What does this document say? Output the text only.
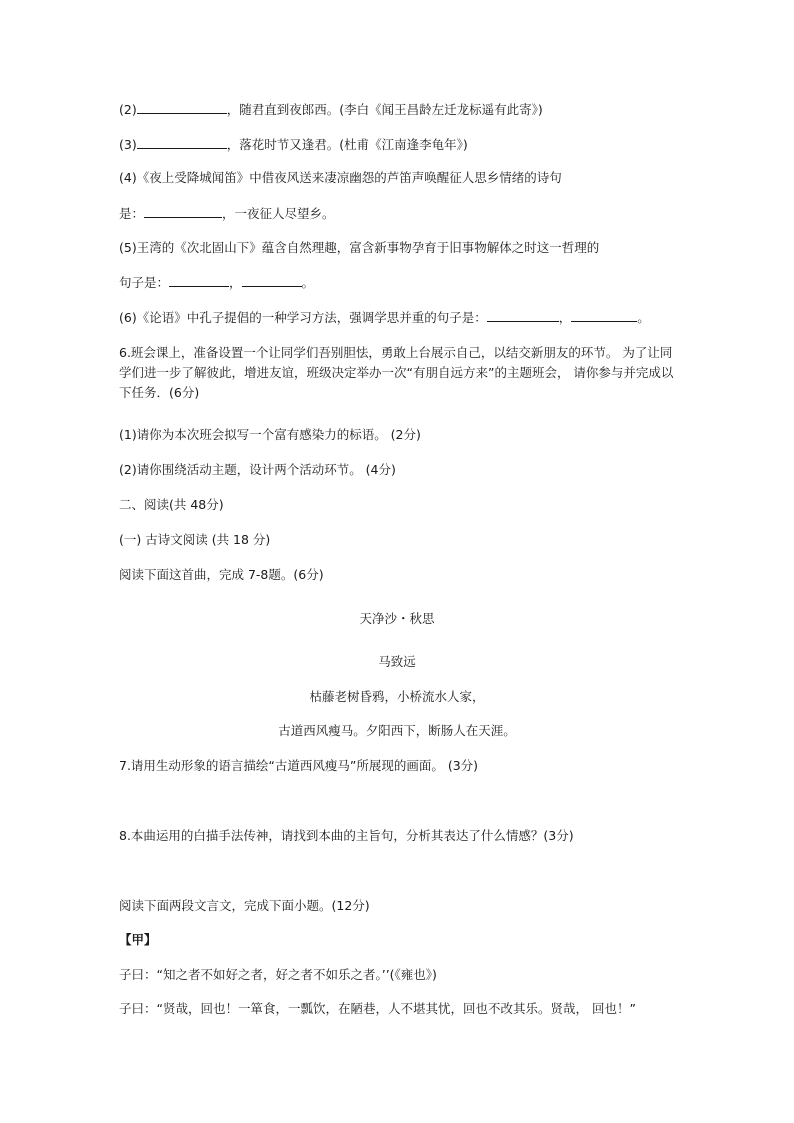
(2)	，随君直到夜郎西。(李白《闻王昌龄左迁龙标遥有此寄》)
(3)	，落花时节又逢君。(杜甫《江南逢李龟年》)
(4)《夜上受降城闻笛》中借夜风送来凄凉幽怨的芦笛声唤醒征人思乡情绪的诗句
是：	，一夜征人尽望乡。
(5)王湾的《次北固山下》蕴含自然理趣，富含新事物孕育于旧事物解体之时这一哲理的
句子是：	，	。
(6)《论语》中孔子提倡的一种学习方法，强调学思并重的句子是：	，	。
6.班会课上，准备设置一个让同学们吾别胆怯，勇敢上台展示自己，以结交新朋友的环节。 为了让同学们进一步了解彼此，增进友谊，班级决定举办一次“有朋自远方来”的主题班会， 请你参与并完成以下任务．(6分)
(1)请你为本次班会拟写一个富有感染力的标语。 (2分)
(2)请你围绕活动主题，设计两个活动环节。 (4分)
二、阅读(共 48分)
(一) 古诗文阅读 (共 18 分)
阅读下面这首曲，完成 7-8题。(6分)
天净沙・秋思
马致远
枯藤老树昏鸦，小桥流水人家，
古道西风瘦马。夕阳西下，断肠人在天涯。
7.请用生动形象的语言描绘“古道西风瘦马”所展现的画面。 (3分)
8.本曲运用的白描手法传神，请找到本曲的主旨句，分析其表达了什么情感？(3分)
阅读下面两段文言文，完成下面小题。(12分)
【甲】
子曰：“知之者不如好之者，好之者不如乐之者。’’(《雍也》)
子曰：“贤哉，回也！一箪食，一瓢饮，在陋巷，人不堪其忧，回也不改其乐。贤哉， 回也！”
